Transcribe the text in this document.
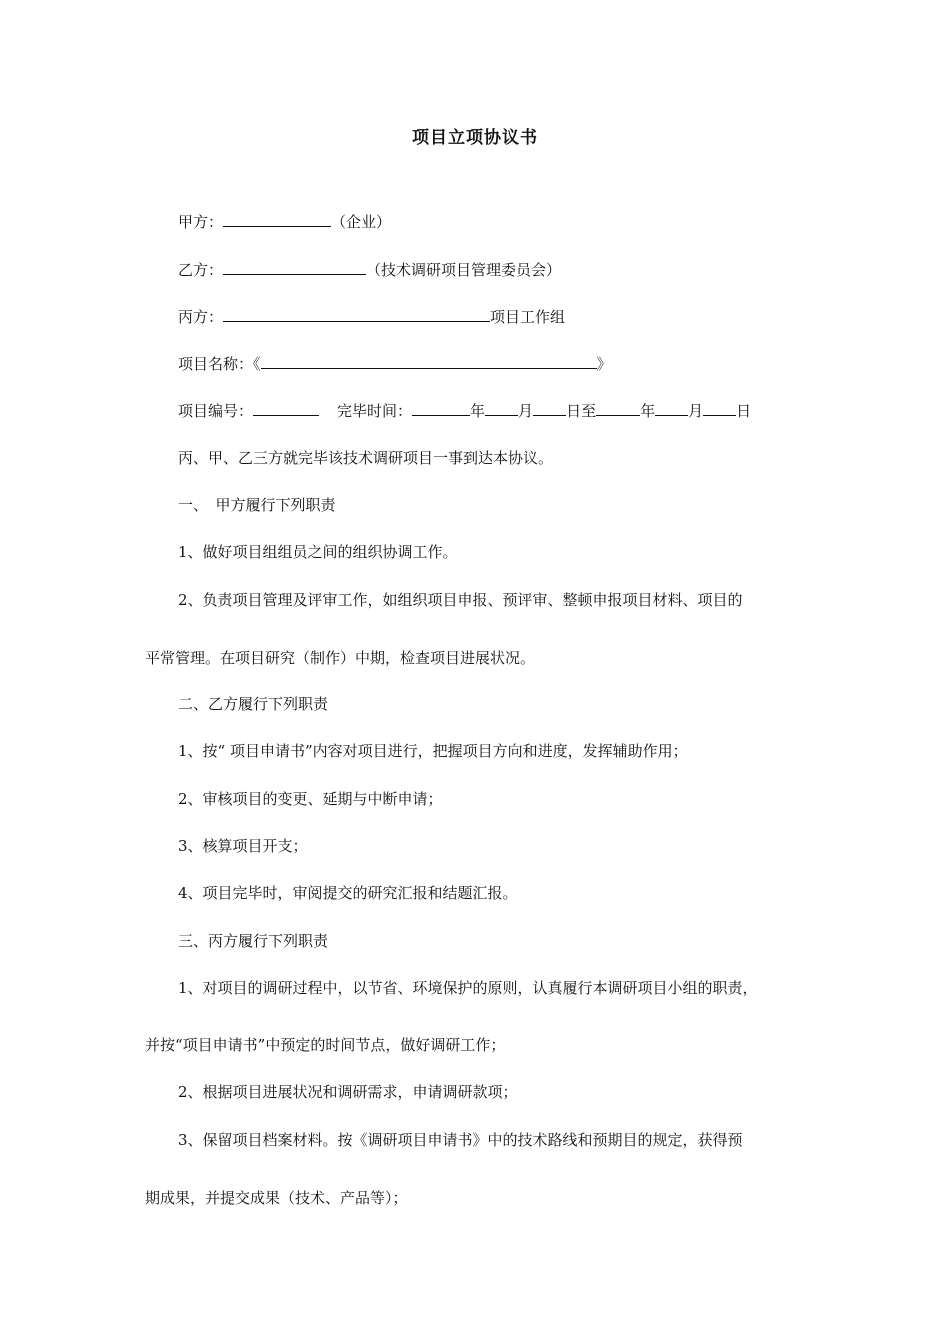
项目立项协议书
甲方：	（企业）
乙方：	（技术调研项目管理委员会）
丙方：	项目工作组
项目名称：《	》
项目编号：	完毕时间：	年 月 日至	年 月 日
丙、甲、乙三方就完毕该技术调研项目一事到达本协议。
一、　甲方履行下列职责
1、做好项目组组员之间的组织协调工作。
2、负责项目管理及评审工作，如组织项目申报、预评审、整顿申报项目材料、项目的
平常管理。在项目研究（制作）中期，检查项目进展状况。
二、乙方履行下列职责
1、按“ 项目申请书”内容对项目进行，把握项目方向和进度，发挥辅助作用；
2、审核项目的变更、延期与中断申请；
3、核算项目开支；
4、项目完毕时，审阅提交的研究汇报和结题汇报。
三、丙方履行下列职责
1、对项目的调研过程中，以节省、环境保护的原则，认真履行本调研项目小组的职责，
并按“项目申请书”中预定的时间节点，做好调研工作；
2、根据项目进展状况和调研需求，申请调研款项；
3、保留项目档案材料。按《调研项目申请书》中的技术路线和预期目的规定，获得预
期成果，并提交成果（技术、产品等）；
